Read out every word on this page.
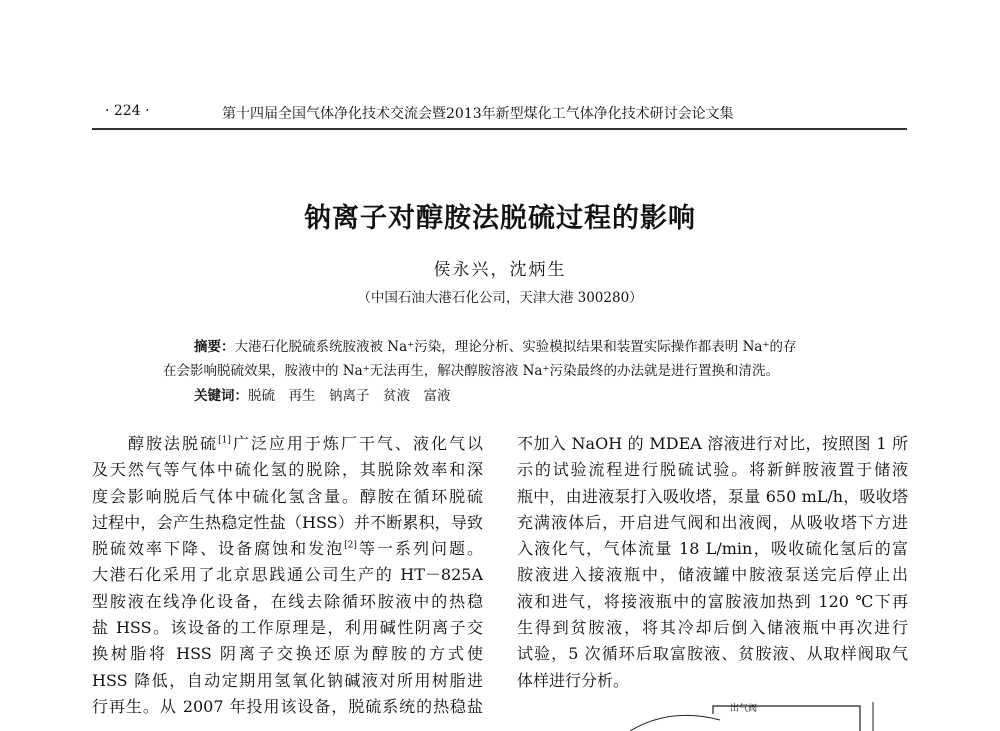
· 224 ·	第十四届全国气体净化技术交流会暨2013年新型煤化工气体净化技术研讨会论文集
钠离子对醇胺法脱硫过程的影响
侯永兴，沈炳生
（中国石油大港石化公司，天津大港 300280）
摘要：大港石化脱硫系统胺液被 Na⁺污染，理论分析、实验模拟结果和装置实际操作都表明 Na⁺的存
在会影响脱硫效果，胺液中的 Na⁺无法再生，解决醇胺溶液 Na⁺污染最终的办法就是进行置换和清洗。
关键词：脱硫　再生　钠离子　贫液　富液
　　醇胺法脱硫[1]广泛应用于炼厂干气、液化气以
及天然气等气体中硫化氢的脱除，其脱除效率和深
度会影响脱后气体中硫化氢含量。醇胺在循环脱硫
过程中，会产生热稳定性盐（HSS）并不断累积，导致
脱硫效率下降、设备腐蚀和发泡[2]等一系列问题。
大港石化采用了北京思践通公司生产的 HT－825A
型胺液在线净化设备，在线去除循环胺液中的热稳
盐 HSS。该设备的工作原理是，利用碱性阴离子交
换树脂将 HSS 阴离子交换还原为醇胺的方式使
HSS 降低，自动定期用氢氧化钠碱液对所用树脂进
行再生。从 2007 年投用该设备，脱硫系统的热稳盐
不加入 NaOH 的 MDEA 溶液进行对比，按照图 1 所
示的试验流程进行脱硫试验。将新鲜胺液置于储液
瓶中，由进液泵打入吸收塔，泵量 650 mL/h，吸收塔
充满液体后，开启进气阀和出液阀，从吸收塔下方进
入液化气，气体流量 18 L/min，吸收硫化氢后的富
胺液进入接液瓶中，储液罐中胺液泵送完后停止出
液和进气，将接液瓶中的富胺液加热到 120 ℃下再
生得到贫胺液，将其冷却后倒入储液瓶中再次进行
试验，5 次循环后取富胺液、贫胺液、从取样阀取气
体样进行分析。
出气阀
